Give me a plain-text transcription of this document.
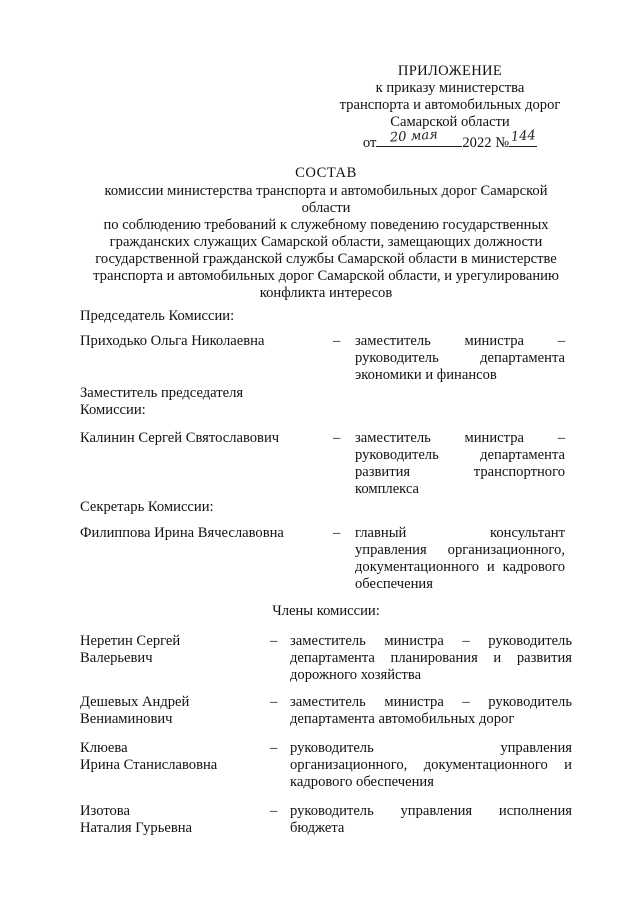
ПРИЛОЖЕНИЕ
к приказу министерства
транспорта и автомобильных дорог
Самарской области
от 20 мая 2022 № 144
СОСТАВ
комиссии министерства транспорта и автомобильных дорог Самарской области
по соблюдению требований к служебному поведению государственных
гражданских служащих Самарской области, замещающих должности
государственной гражданской службы Самарской области в министерстве
транспорта и автомобильных дорог Самарской области, и урегулированию
конфликта интересов
Председатель Комиссии:
Приходько Ольга Николаевна	– заместитель министра –
руководитель департамента
экономики и финансов
Заместитель председателя
Комиссии:
Калинин Сергей Святославович	– заместитель министра –
руководитель департамента
развития транспортного
комплекса
Секретарь Комиссии:
Филиппова Ирина Вячеславовна	– главный консультант
управления организационного,
документационного и кадрового
обеспечения
Члены комиссии:
Неретин Сергей
Валерьевич
– заместитель министра – руководитель
департамента планирования и развития
дорожного хозяйства
Дешевых Андрей
Вениаминович
– заместитель министра – руководитель
департамента автомобильных дорог
Клюева
Ирина Станиславовна
– руководитель управления
организационного, документационного и
кадрового обеспечения
Изотова
Наталия Гурьевна
– руководитель управления исполнения
бюджета
